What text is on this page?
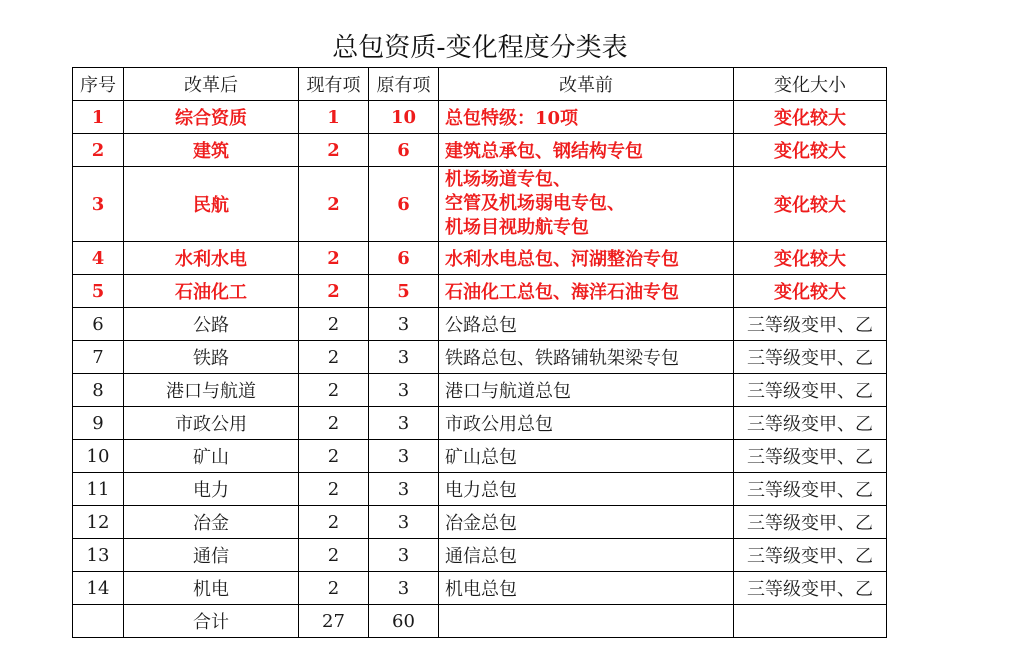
总包资质-变化程度分类表
序号	改革后	现有项	原有项	改革前	变化大小
1	综合资质	1	10	总包特级：10项	变化较大
2	建筑	2	6	建筑总承包、钢结构专包	变化较大
3	民航	2	6	机场场道专包、
空管及机场弱电专包、
机场目视助航专包	变化较大
4	水利水电	2	6	水利水电总包、河湖整治专包	变化较大
5	石油化工	2	5	石油化工总包、海洋石油专包	变化较大
6	公路	2	3	公路总包	三等级变甲、乙
7	铁路	2	3	铁路总包、铁路铺轨架梁专包	三等级变甲、乙
8	港口与航道	2	3	港口与航道总包	三等级变甲、乙
9	市政公用	2	3	市政公用总包	三等级变甲、乙
10	矿山	2	3	矿山总包	三等级变甲、乙
11	电力	2	3	电力总包	三等级变甲、乙
12	冶金	2	3	冶金总包	三等级变甲、乙
13	通信	2	3	通信总包	三等级变甲、乙
14	机电	2	3	机电总包	三等级变甲、乙
	合计	27	60		
